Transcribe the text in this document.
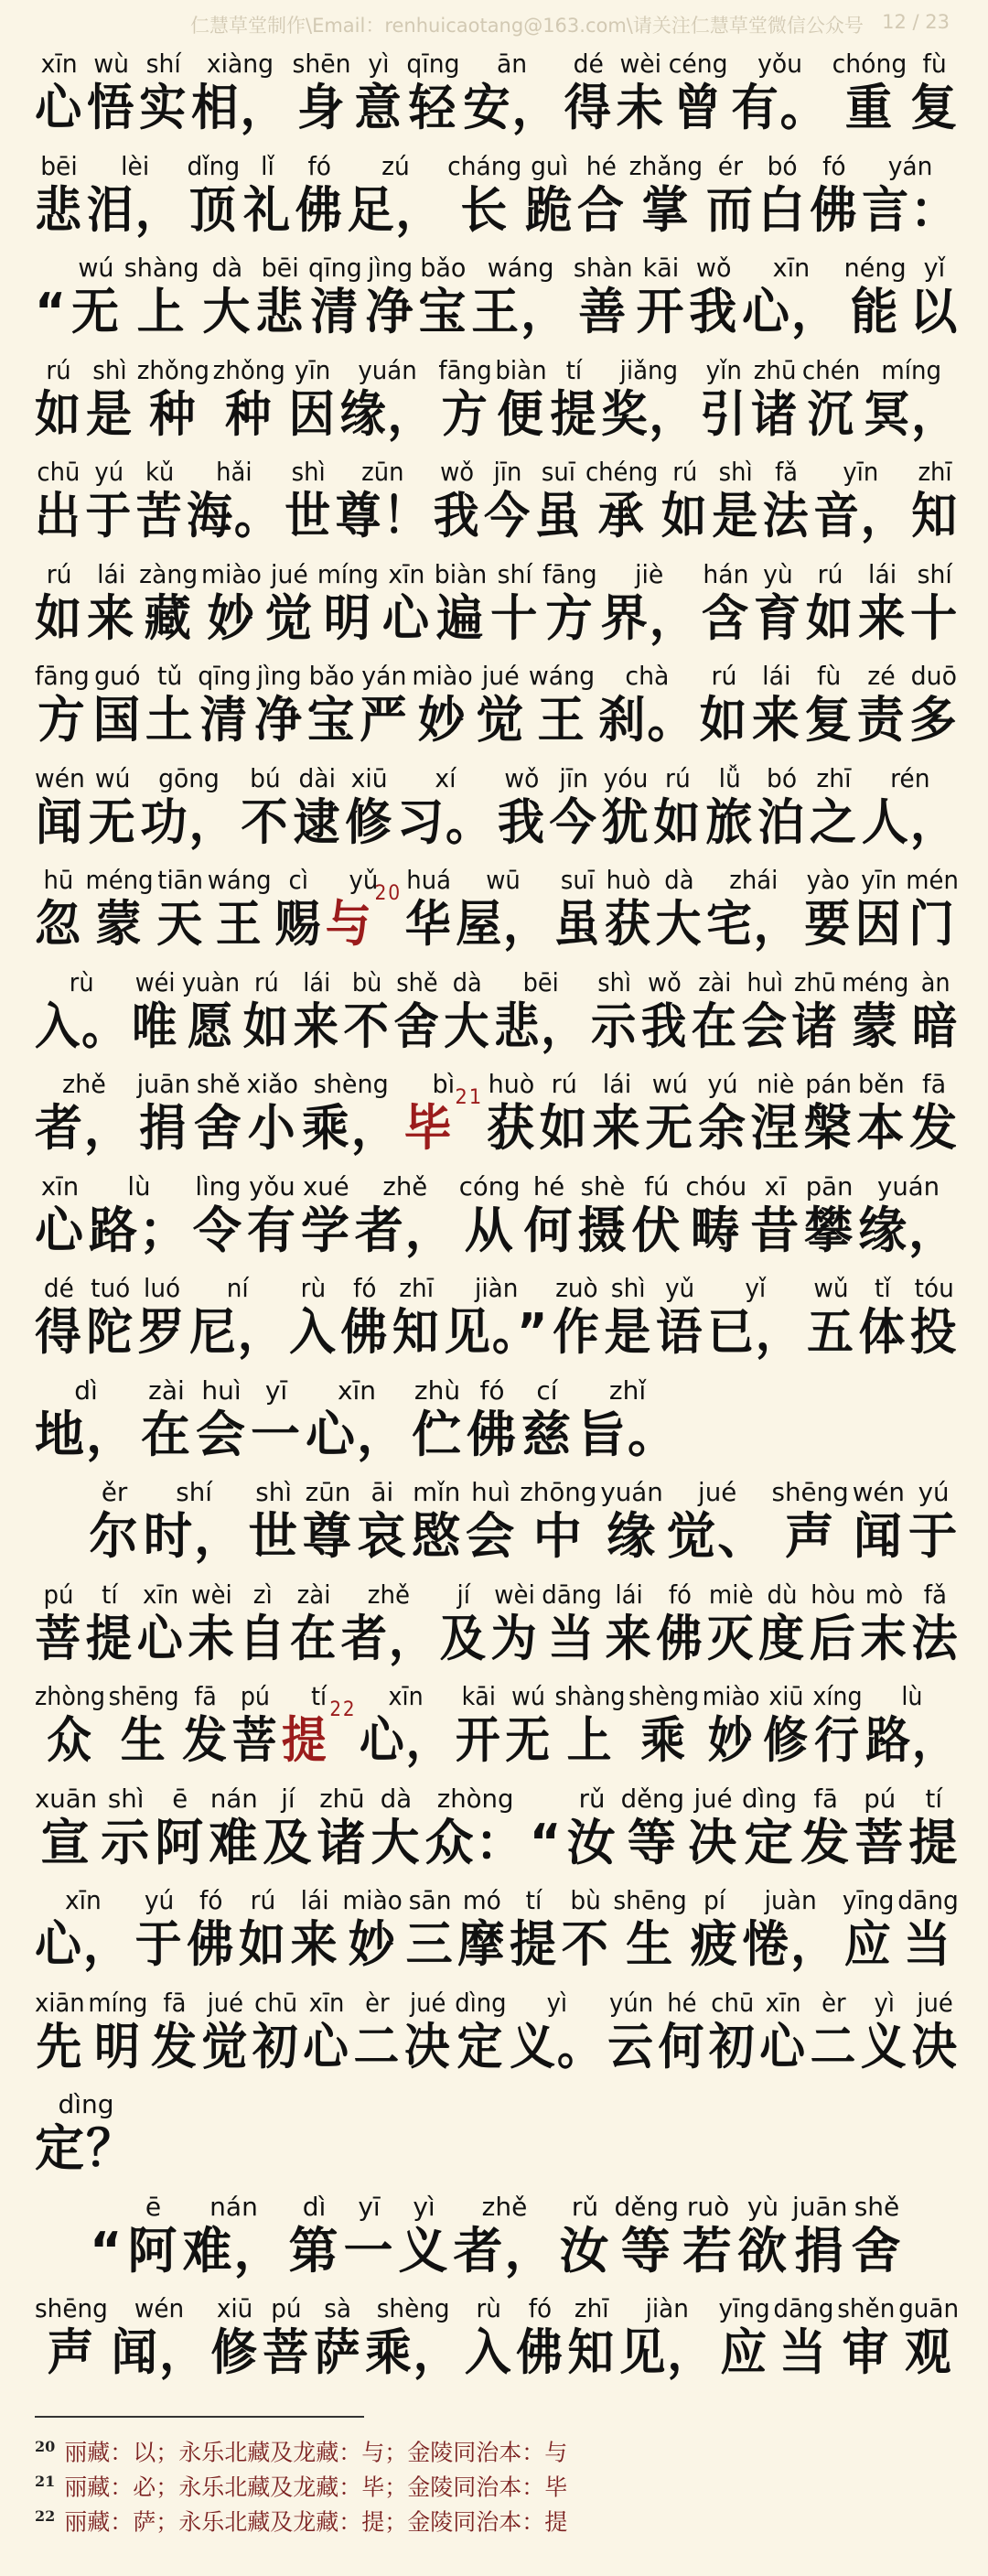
仁慧草堂制作\Email：renhuicaotang@163.com\请关注仁慧草堂微信公众号 12 / 23
xīn
心
wù
悟
shí
实
xiàng
相，
shēn
身
yì
意
qīng
轻
ān
安，
dé
得
wèi
未
céng
曾
yǒu
有。
chóng
重
fù
复
bēi
悲
lèi
泪，
dǐng
顶
lǐ
礼
fó
佛
zú
足，
cháng
长
guì
跪
hé
合
zhǎng
掌
ér
而
bó
白
fó
佛
yán
言：
“
wú
无
shàng
上
dà
大
bēi
悲
qīng
清
jìng
净
bǎo
宝
wáng
王，
shàn
善
kāi
开
wǒ
我
xīn
心，
néng
能
yǐ
以
rú
如
shì
是
zhǒng
种
zhǒng
种
yīn
因
yuán
缘，
fāng
方
biàn
便
tí
提
jiǎng
奖，
yǐn
引
zhū
诸
chén
沉
míng
冥，
chū
出
yú
于
kǔ
苦
hǎi
海。
shì
世
zūn
尊！
wǒ
我
jīn
今
suī
虽
chéng
承
rú
如
shì
是
fǎ
法
yīn
音，
zhī
知
rú
如
lái
来
zàng
藏
miào
妙
jué
觉
míng
明
xīn
心
biàn
遍
shí
十
fāng
方
jiè
界，
hán
含
yù
育
rú
如
lái
来
shí
十
fāng
方
guó
国
tǔ
土
qīng
清
jìng
净
bǎo
宝
yán
严
miào
妙
jué
觉
wáng
王
chà
刹。
rú
如
lái
来
fù
复
zé
责
duō
多
wén
闻
wú
无
gōng
功，
bú
不
dài
逮
xiū
修
xí
习。
wǒ
我
jīn
今
yóu
犹
rú
如
lǚ
旅
bó
泊
zhī
之
rén
人，
hū
忽
méng
蒙
tiān
天
wáng
王
cì
赐
yǔ
与$^{20}$ huá
华
wū
屋，
suī
虽
huò
获
dà
大
zhái
宅，
yào
要
yīn
因
mén
门
rù
入。
wéi
唯
yuàn
愿
rú
如
lái
来
bù
不
shě
舍
dà
大
bēi
悲，
shì
示
wǒ
我
zài
在
huì
会
zhū
诸
méng
蒙
àn
暗
zhě
者，
juān
捐
shě
舍
xiǎo
小
shèng
乘，
bì
毕$^{21}$ huò
获
rú
如
lái
来
wú
无
yú
余
niè
涅
pán
槃
běn
本
fā
发
xīn
心
lù
路；
lìng
令
yǒu
有
xué
学
zhě
者，
cóng
从
hé
何
shè
摄
fú
伏
chóu
畴
xī
昔
pān
攀
yuán
缘，
dé
得
tuó
陀
luó
罗
ní
尼，
rù
入
fó
佛
zhī
知
jiàn
见。”
zuò
作
shì
是
yǔ
语
yǐ
已，
wǔ
五
tǐ
体
tóu
投
dì
地，
zài
在
huì
会
yī
一
xīn
心，
zhù
伫
fó
佛
cí
慈
zhǐ
旨。

ěr
尔
shí
时，
shì
世
zūn
尊
āi
哀
mǐn
愍
huì
会
zhōng
中
yuán
缘
jué
觉、
shēng
声
wén
闻
yú
于
pú
菩
tí
提
xīn
心
wèi
未
zì
自
zài
在
zhě
者，
jí
及
wèi
为
dāng
当
lái
来
fó
佛
miè
灭
dù
度
hòu
后
mò
末
fǎ
法
zhòng
众
shēng
生
fā
发
pú
菩
tí
提$^{22}$ xīn
心，
kāi
开
wú
无
shàng
上
shèng
乘
miào
妙
xiū
修
xíng
行
lù
路，
xuān
宣
shì
示
ē
阿
nán
难
jí
及
zhū
诸
dà
大
zhòng
众： “
rǔ
汝
děng
等
jué
决
dìng
定
fā
发
pú
菩
tí
提
xīn
心，
yú
于
fó
佛
rú
如
lái
来
miào
妙
sān
三
mó
摩
tí
提
bù
不
shēng
生
pí
疲
juàn
惓，
yīng
应
dāng
当
xiān
先
míng
明
fā
发
jué
觉
chū
初
xīn
心
èr
二
jué
决
dìng
定
yì
义。
yún
云
hé
何
chū
初
xīn
心
èr
二
yì
义
jué
决
dìng
定？

“
ē
阿
nán
难，
dì
第
yī
一
yì
义
zhě
者，
rǔ
汝
děng
等
ruò
若
yù
欲
juān
捐
shě
舍
shēng
声
wén
闻，
xiū
修
pú
菩
sà
萨
shèng
乘，
rù
入
fó
佛
zhī
知
jiàn
见，
yīng
应
dāng
当
shěn
审
guān
观
$^{20}$ 丽藏：以；永乐北藏及龙藏：与；金陵同治本：与
$^{21}$ 丽藏：必；永乐北藏及龙藏：毕；金陵同治本：毕
$^{22}$ 丽藏：萨；永乐北藏及龙藏：提；金陵同治本：提
